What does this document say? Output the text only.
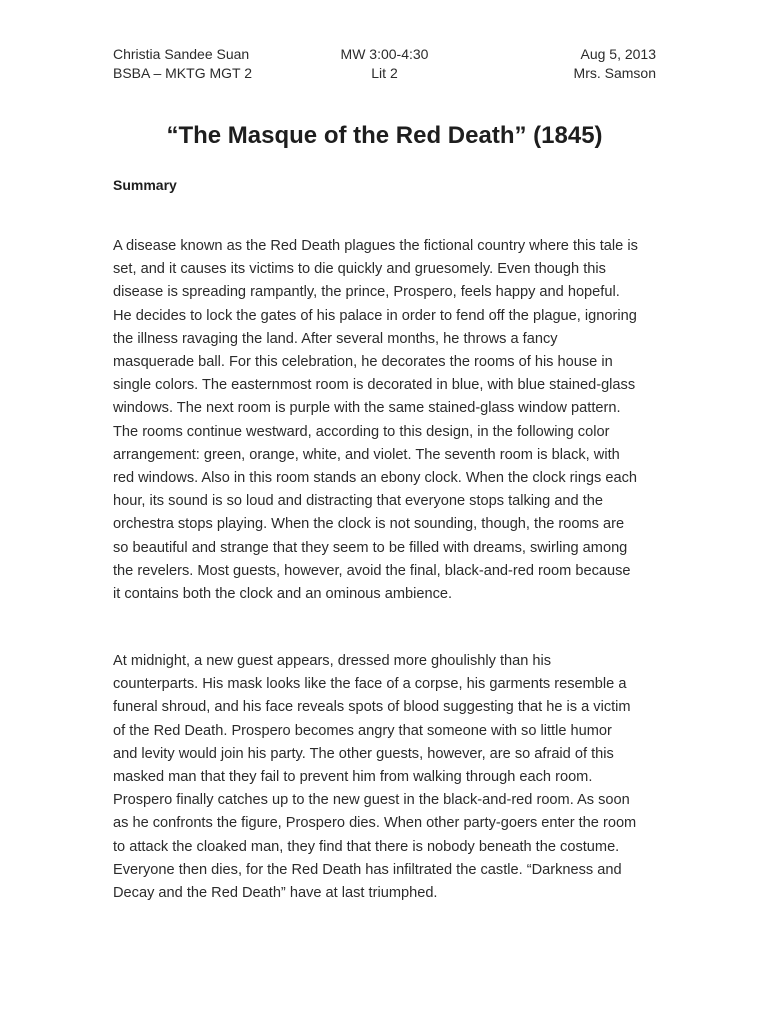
Christia Sandee Suan	MW 3:00-4:30	Aug 5, 2013
BSBA – MKTG MGT 2	Lit 2	Mrs. Samson
“The Masque of the Red Death” (1845)
Summary

A disease known as the Red Death plagues the fictional country where this tale is
set, and it causes its victims to die quickly and gruesomely. Even though this
disease is spreading rampantly, the prince, Prospero, feels happy and hopeful.
He decides to lock the gates of his palace in order to fend off the plague, ignoring
the illness ravaging the land. After several months, he throws a fancy
masquerade ball. For this celebration, he decorates the rooms of his house in
single colors. The easternmost room is decorated in blue, with blue stained-glass
windows. The next room is purple with the same stained-glass window pattern.
The rooms continue westward, according to this design, in the following color
arrangement: green, orange, white, and violet. The seventh room is black, with
red windows. Also in this room stands an ebony clock. When the clock rings each
hour, its sound is so loud and distracting that everyone stops talking and the
orchestra stops playing. When the clock is not sounding, though, the rooms are
so beautiful and strange that they seem to be filled with dreams, swirling among
the revelers. Most guests, however, avoid the final, black-and-red room because
it contains both the clock and an ominous ambience.

At midnight, a new guest appears, dressed more ghoulishly than his
counterparts. His mask looks like the face of a corpse, his garments resemble a
funeral shroud, and his face reveals spots of blood suggesting that he is a victim
of the Red Death. Prospero becomes angry that someone with so little humor
and levity would join his party. The other guests, however, are so afraid of this
masked man that they fail to prevent him from walking through each room.
Prospero finally catches up to the new guest in the black-and-red room. As soon
as he confronts the figure, Prospero dies. When other party-goers enter the room
to attack the cloaked man, they find that there is nobody beneath the costume.
Everyone then dies, for the Red Death has infiltrated the castle. “Darkness and
Decay and the Red Death” have at last triumphed.
